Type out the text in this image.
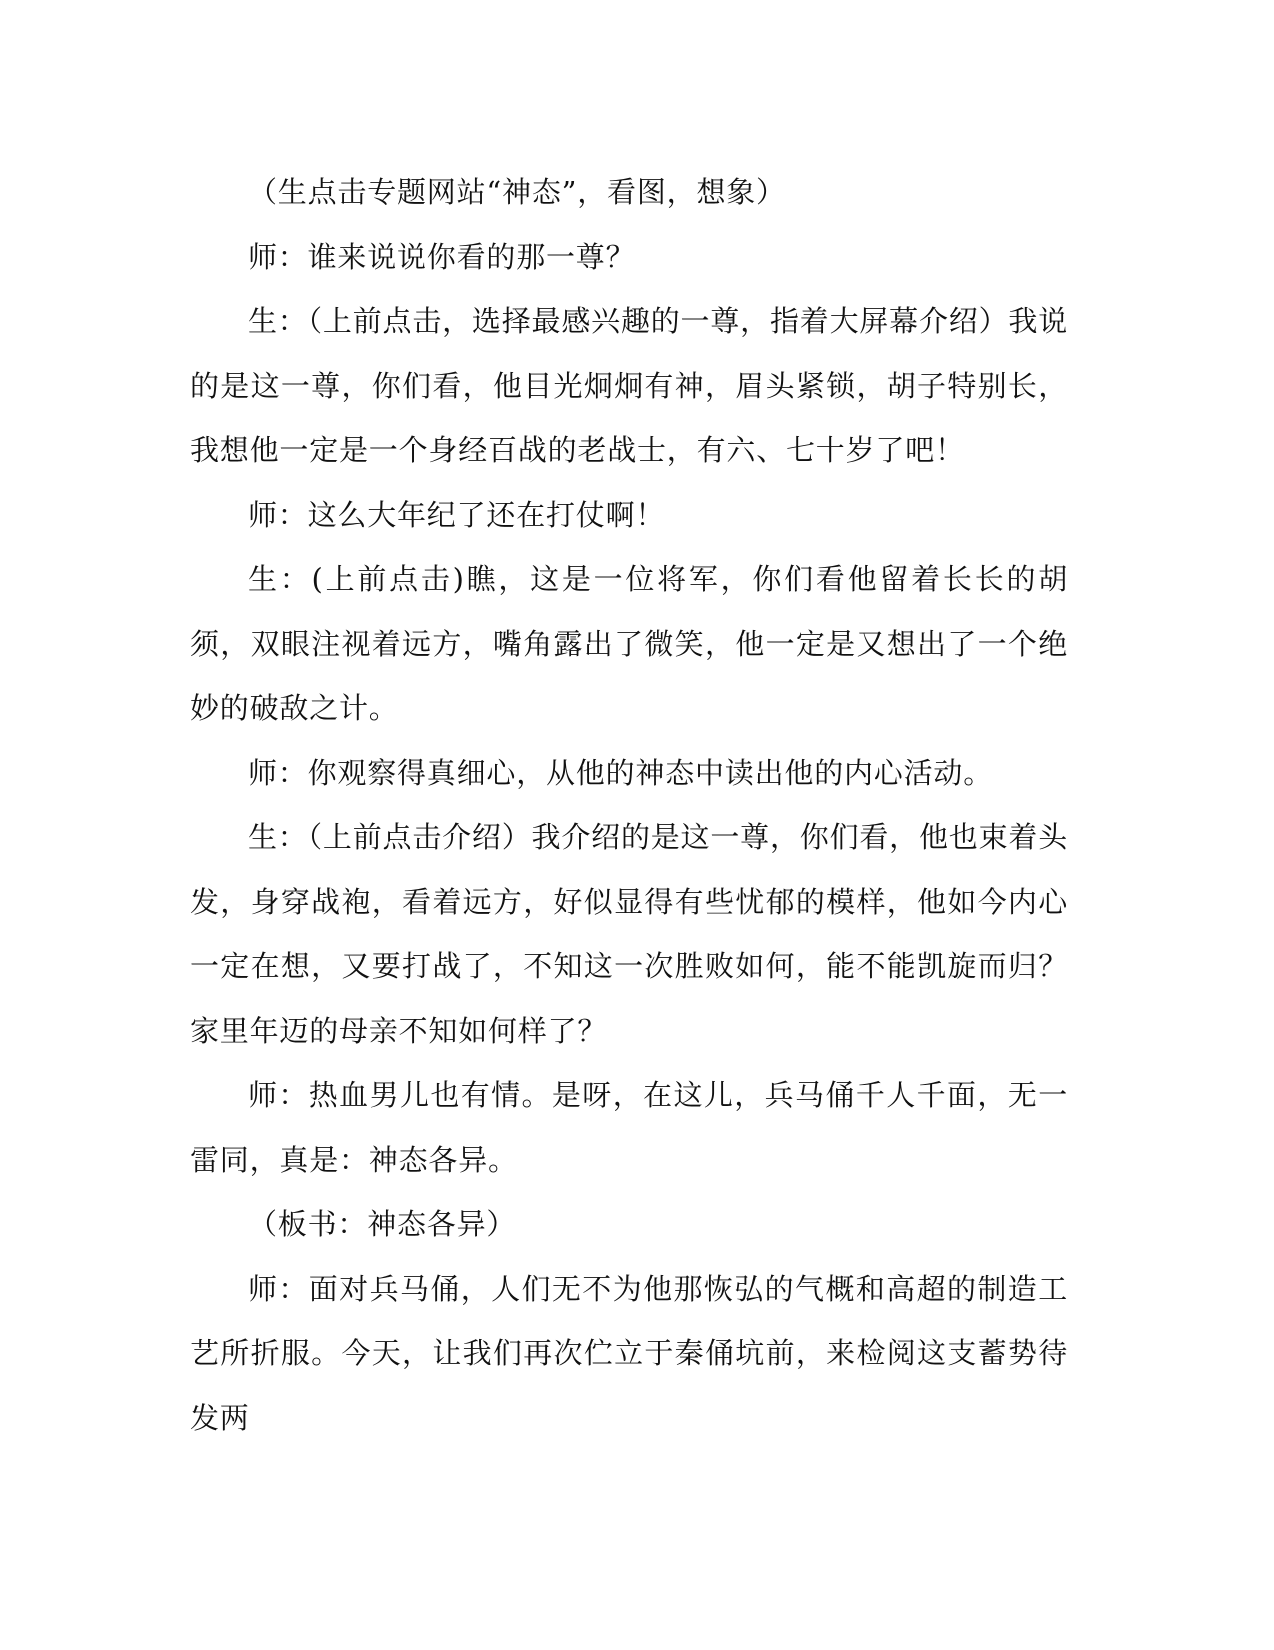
（生点击专题网站“神态”，看图，想象）

师：谁来说说你看的那一尊？

生：（上前点击，选择最感兴趣的一尊，指着大屏幕介绍）我说的是这一尊，你们看，他目光炯炯有神，眉头紧锁，胡子特别长，我想他一定是一个身经百战的老战士，有六、七十岁了吧！

师：这么大年纪了还在打仗啊！

生：(上前点击)瞧，这是一位将军，你们看他留着长长的胡须，双眼注视着远方，嘴角露出了微笑，他一定是又想出了一个绝妙的破敌之计。

师：你观察得真细心，从他的神态中读出他的内心活动。

生：（上前点击介绍）我介绍的是这一尊，你们看，他也束着头发，身穿战袍，看着远方，好似显得有些忧郁的模样，他如今内心一定在想，又要打战了，不知这一次胜败如何，能不能凯旋而归？家里年迈的母亲不知如何样了？

师：热血男儿也有情。是呀，在这儿，兵马俑千人千面，无一雷同，真是：神态各异。

（板书：神态各异）

师：面对兵马俑，人们无不为他那恢弘的气概和高超的制造工艺所折服。今天，让我们再次伫立于秦俑坑前，来检阅这支蓄势待发两
